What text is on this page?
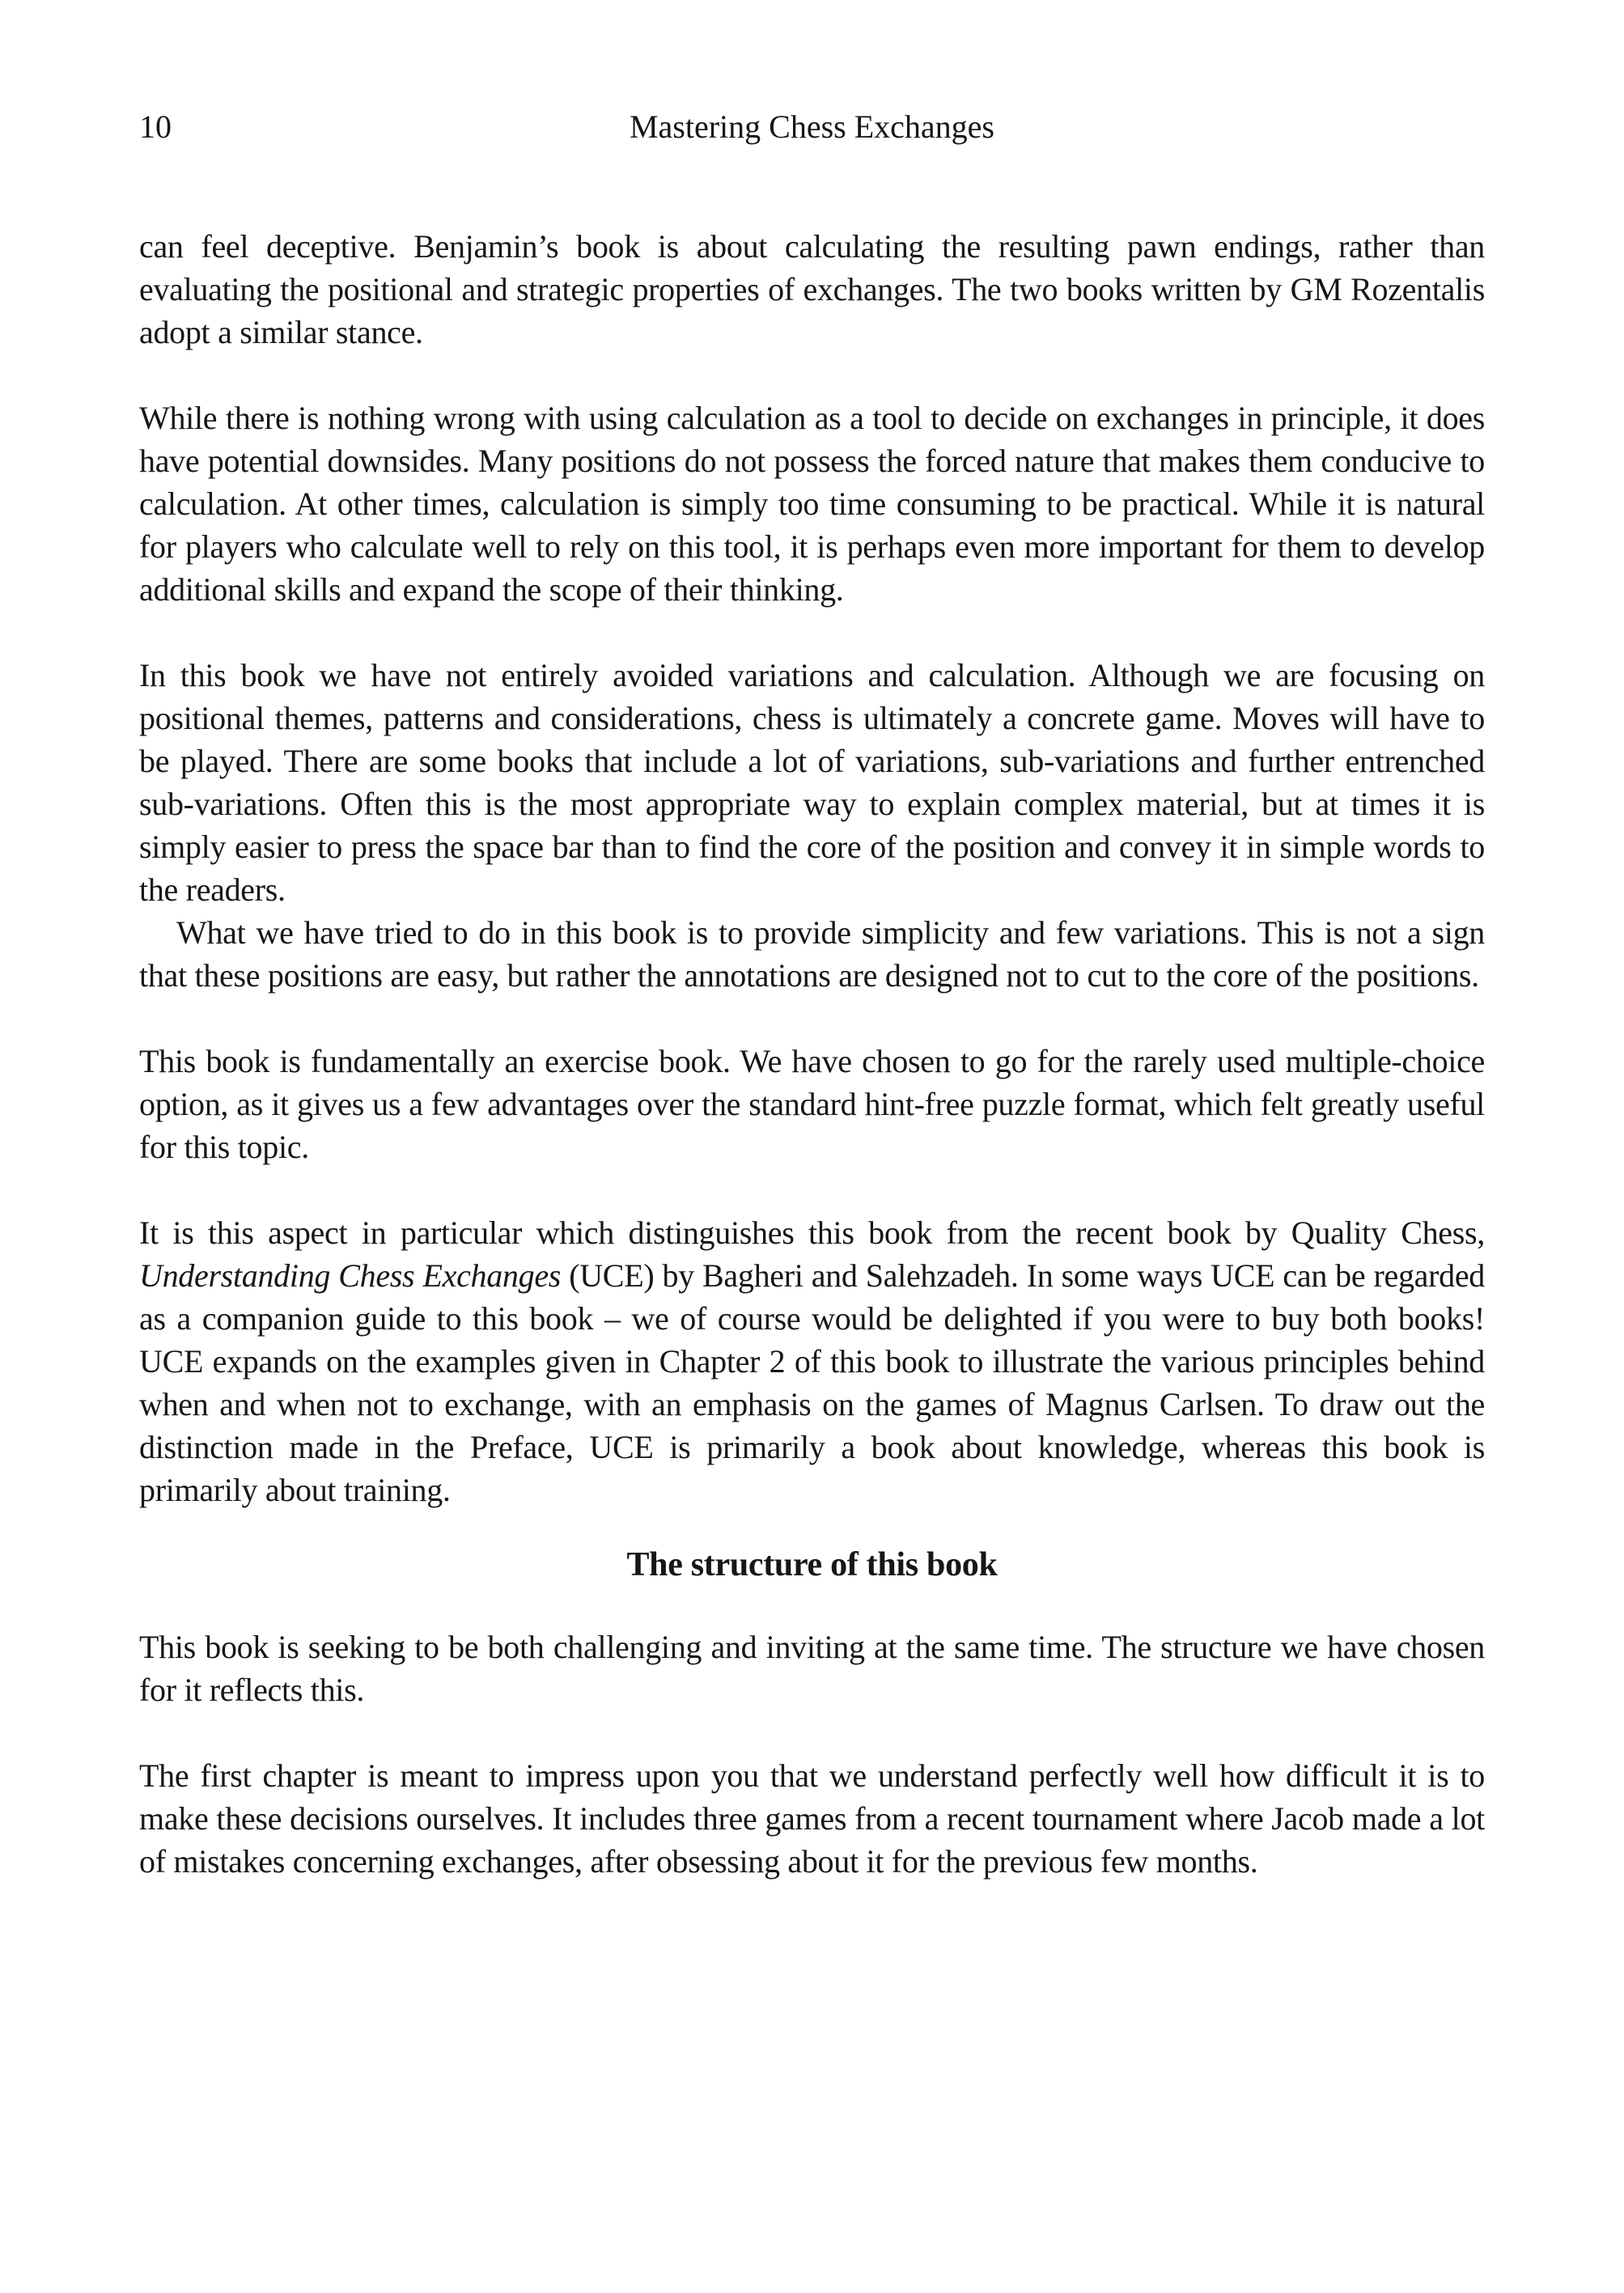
10	Mastering Chess Exchanges

can feel deceptive. Benjamin’s book is about calculating the resulting pawn endings, rather than evaluating the positional and strategic properties of exchanges. The two books written by GM Rozentalis adopt a similar stance.

While there is nothing wrong with using calculation as a tool to decide on exchanges in principle, it does have potential downsides. Many positions do not possess the forced nature that makes them conducive to calculation. At other times, calculation is simply too time consuming to be practical. While it is natural for players who calculate well to rely on this tool, it is perhaps even more important for them to develop additional skills and expand the scope of their thinking.

In this book we have not entirely avoided variations and calculation. Although we are focusing on positional themes, patterns and considerations, chess is ultimately a concrete game. Moves will have to be played. There are some books that include a lot of variations, sub-variations and further entrenched sub-variations. Often this is the most appropriate way to explain complex material, but at times it is simply easier to press the space bar than to find the core of the position and convey it in simple words to the readers.

What we have tried to do in this book is to provide simplicity and few variations. This is not a sign that these positions are easy, but rather the annotations are designed not to cut to the core of the positions.

This book is fundamentally an exercise book. We have chosen to go for the rarely used multiple-choice option, as it gives us a few advantages over the standard hint-free puzzle format, which felt greatly useful for this topic.

It is this aspect in particular which distinguishes this book from the recent book by Quality Chess, Understanding Chess Exchanges (UCE) by Bagheri and Salehzadeh. In some ways UCE can be regarded as a companion guide to this book – we of course would be delighted if you were to buy both books! UCE expands on the examples given in Chapter 2 of this book to illustrate the various principles behind when and when not to exchange, with an emphasis on the games of Magnus Carlsen. To draw out the distinction made in the Preface, UCE is primarily a book about knowledge, whereas this book is primarily about training.

The structure of this book

This book is seeking to be both challenging and inviting at the same time. The structure we have chosen for it reflects this.

The first chapter is meant to impress upon you that we understand perfectly well how difficult it is to make these decisions ourselves. It includes three games from a recent tournament where Jacob made a lot of mistakes concerning exchanges, after obsessing about it for the previous few months.
